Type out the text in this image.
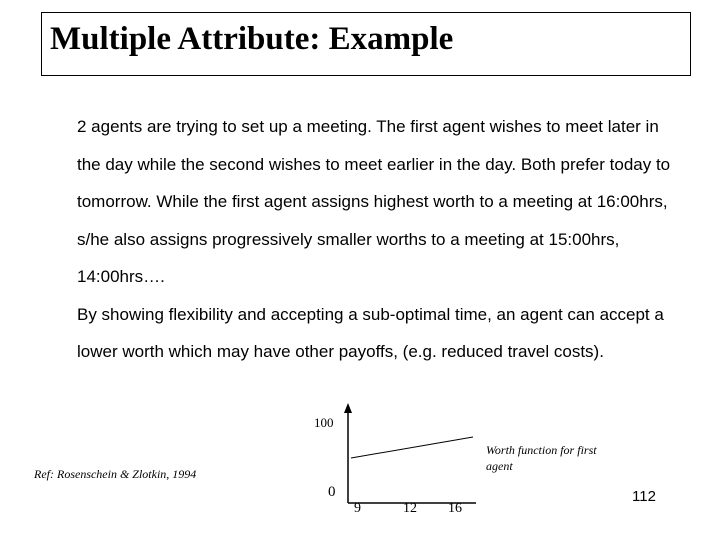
Multiple Attribute: Example

2 agents are trying to set up a meeting. The first agent wishes to meet later in the day while the second wishes to meet earlier in the day. Both prefer today to tomorrow. While the first agent assigns highest worth to a meeting at 16:00hrs, s/he also assigns progressively smaller worths to a meeting at 15:00hrs, 14:00hrs….

By showing flexibility and accepting a sub-optimal time, an agent can accept a lower worth which may have other payoffs, (e.g. reduced travel costs).

100
0
9	12 16
Worth function for first
agent
Ref: Rosenschein & Zlotkin, 1994
112
